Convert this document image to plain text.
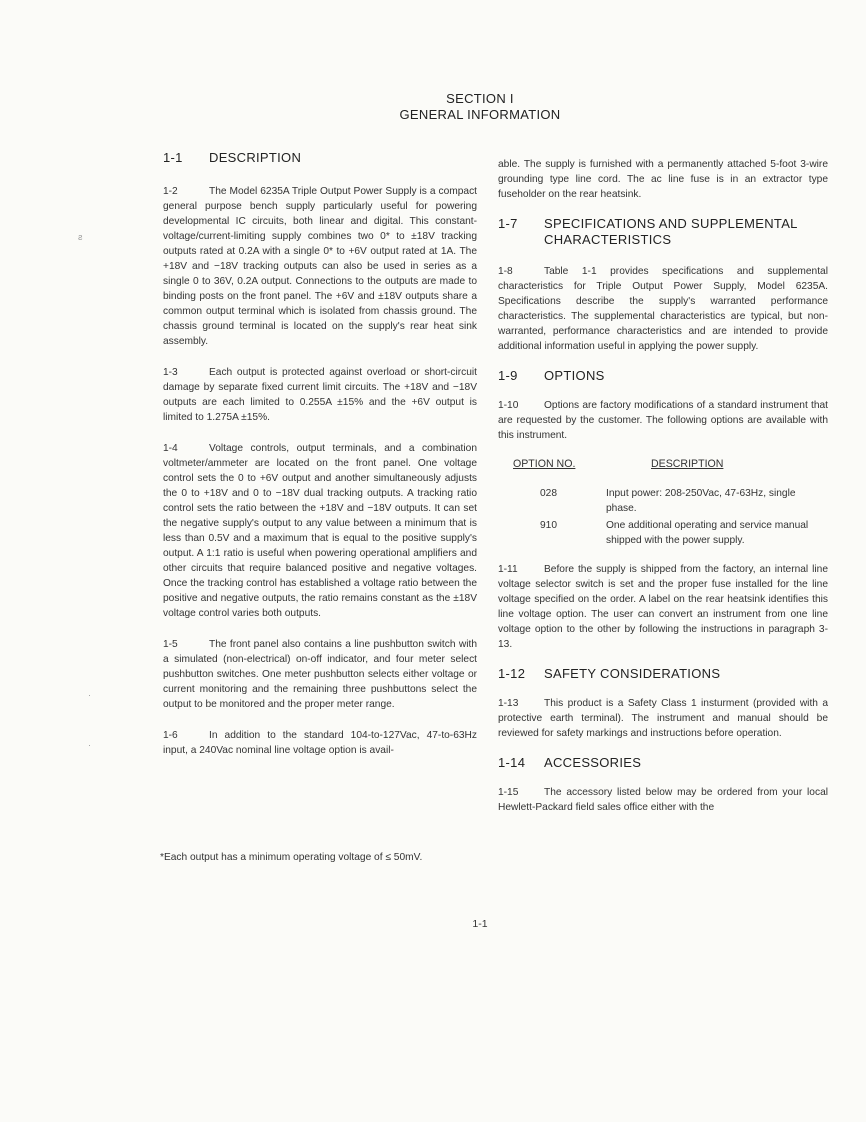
SECTION I
GENERAL INFORMATION
1-1	DESCRIPTION

1-2	The Model 6235A Triple Output Power Supply is a compact general purpose bench supply particularly useful for powering developmental IC circuits, both linear and digital. This constant-voltage/current-limiting supply combines two 0* to ±18V tracking outputs rated at 0.2A with a single 0* to +6V output rated at 1A. The +18V and −18V tracking outputs can also be used in series as a single 0 to 36V, 0.2A output. Connections to the outputs are made to binding posts on the front panel. The +6V and ±18V outputs share a common output terminal which is isolated from chassis ground. The chassis ground terminal is located on the supply's rear heat sink assembly.

1-3	Each output is protected against overload or short-circuit damage by separate fixed current limit circuits. The +18V and −18V outputs are each limited to 0.255A ±15% and the +6V output is limited to 1.275A ±15%.

1-4	Voltage controls, output terminals, and a combination voltmeter/ammeter are located on the front panel. One voltage control sets the 0 to +6V output and another simultaneously adjusts the 0 to +18V and 0 to −18V dual tracking outputs. A tracking ratio control sets the ratio between the +18V and −18V outputs. It can set the negative supply's output to any value between a minimum that is less than 0.5V and a maximum that is equal to the positive supply's output. A 1:1 ratio is useful when powering operational amplifiers and other circuits that require balanced positive and negative voltages. Once the tracking control has established a voltage ratio between the positive and negative outputs, the ratio remains constant as the ±18V voltage control varies both outputs.

1-5	The front panel also contains a line pushbutton switch with a simulated (non-electrical) on-off indicator, and four meter select pushbutton switches. One meter pushbutton selects either voltage or current monitoring and the remaining three pushbuttons select the output to be monitored and the proper meter range.

1-6	In addition to the standard 104-to-127Vac, 47-to-63Hz input, a 240Vac nominal line voltage option is avail-

able. The supply is furnished with a permanently attached 5-foot 3-wire grounding type line cord. The ac line fuse is in an extractor type fuseholder on the rear heatsink.

1-7	SPECIFICATIONS AND SUPPLEMENTAL CHARACTERISTICS

1-8	Table 1-1 provides specifications and supplemental characteristics for Triple Output Power Supply, Model 6235A. Specifications describe the supply's warranted performance characteristics. The supplemental characteristics are typical, but non-warranted, performance characteristics and are intended to provide additional information useful in applying the power supply.

1-9	OPTIONS

1-10	Options are factory modifications of a standard instrument that are requested by the customer. The following options are available with this instrument.

OPTION NO.	DESCRIPTION
028	Input power: 208-250Vac, 47-63Hz, single phase.
910	One additional operating and service manual shipped with the power supply.

1-11	Before the supply is shipped from the factory, an internal line voltage selector switch is set and the proper fuse installed for the line voltage specified on the order. A label on the rear heatsink identifies this line voltage option. The user can convert an instrument from one line voltage option to the other by following the instructions in paragraph 3-13.

1-12	SAFETY CONSIDERATIONS

1-13	This product is a Safety Class 1 insturment (provided with a protective earth terminal). The instrument and manual should be reviewed for safety markings and instructions before operation.

1-14	ACCESSORIES

1-15	The accessory listed below may be ordered from your local Hewlett-Packard field sales office either with the

*Each output has a minimum operating voltage of ≤ 50mV.
1-1
ƨ
·
·
